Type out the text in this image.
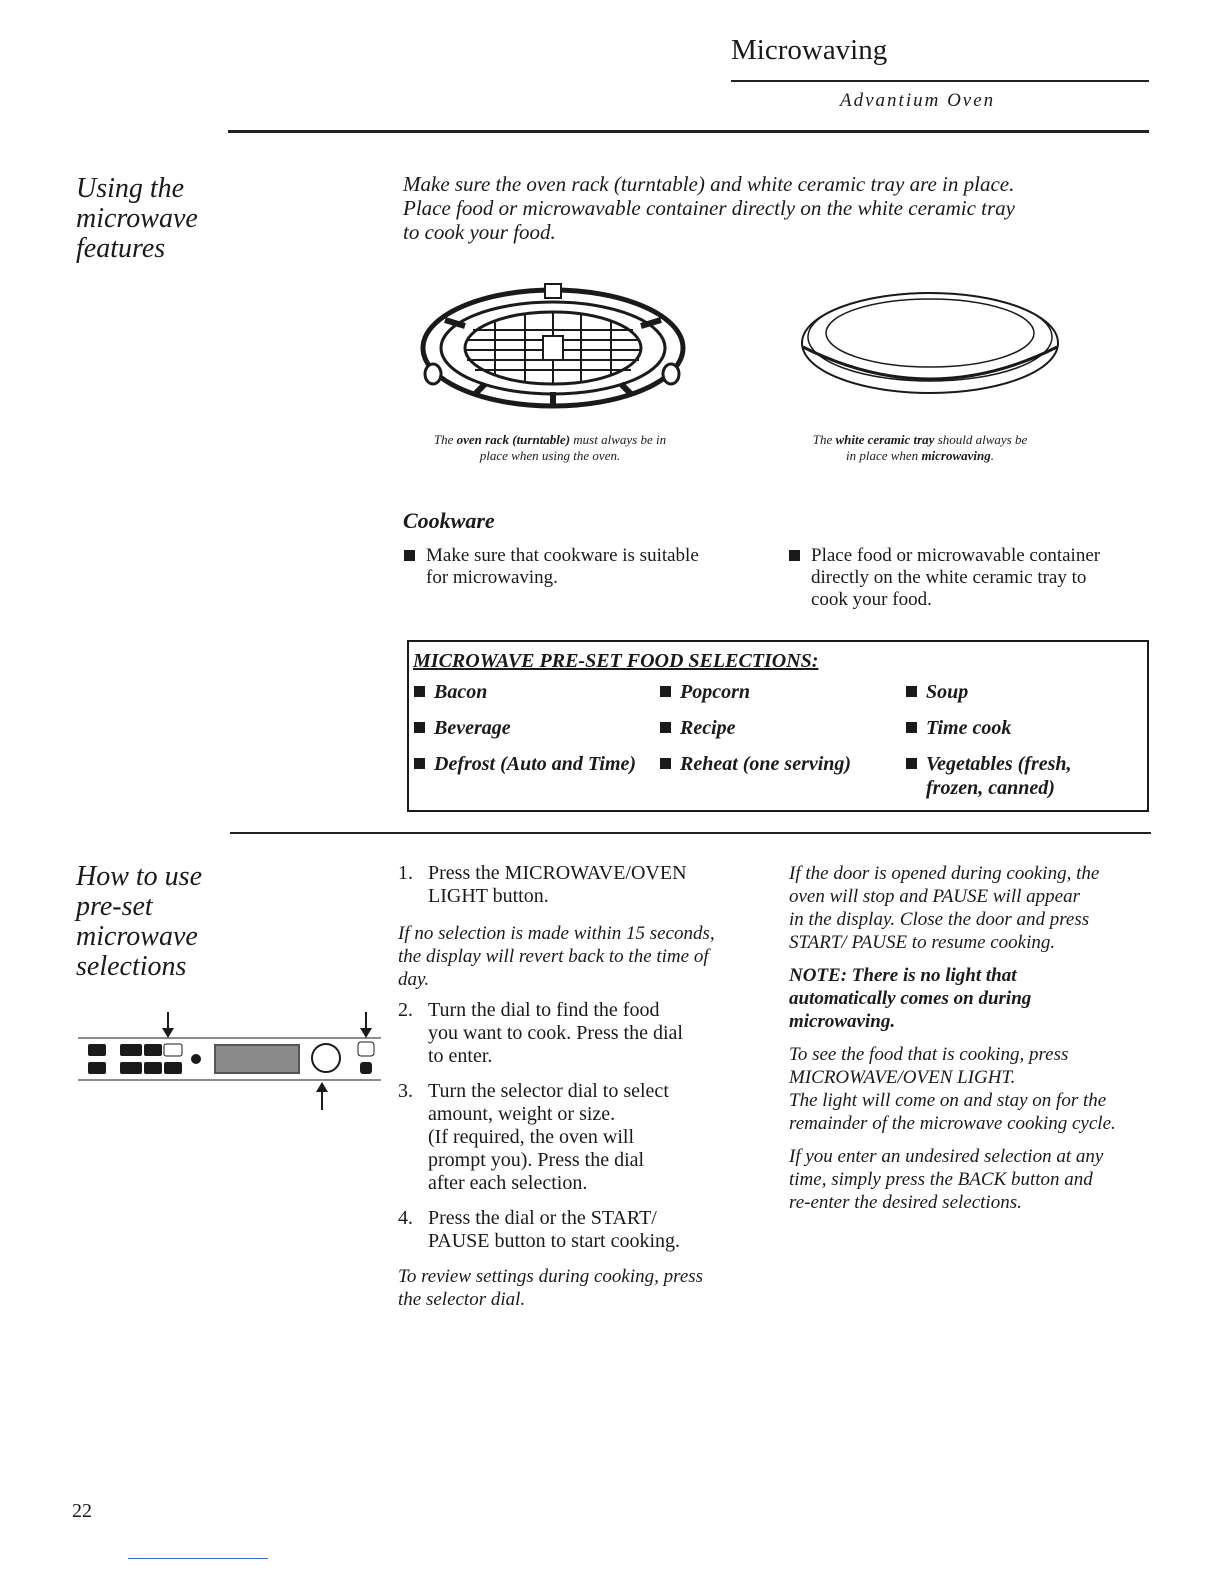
Microwaving
Advantium Oven
Using the
microwave
features
Make sure the oven rack (turntable) and white ceramic tray are in place.
Place food or microwavable container directly on the white ceramic tray
to cook your food.
The oven rack (turntable) must always be in
place when using the oven.
The white ceramic tray should always be
in place when microwaving.
Cookware
Make sure that cookware is suitable
for microwaving.
Place food or microwavable container
directly on the white ceramic tray to
cook your food.
MICROWAVE PRE-SET FOOD SELECTIONS:
Bacon
Beverage
Defrost (Auto and Time)
Popcorn
Recipe
Reheat (one serving)
Soup
Time cook
Vegetables (fresh,
frozen, canned)
How to use
pre-set
microwave
selections
1. Press the MICROWAVE/OVEN
LIGHT button.
If no selection is made within 15 seconds,
the display will revert back to the time of
day.
2. Turn the dial to find the food
you want to cook. Press the dial
to enter.
3. Turn the selector dial to select
amount, weight or size.
(If required, the oven will
prompt you). Press the dial
after each selection.
4. Press the dial or the START/
PAUSE button to start cooking.
To review settings during cooking, press
the selector dial.
If the door is opened during cooking, the
oven will stop and PAUSE will appear
in the display. Close the door and press
START/ PAUSE to resume cooking.
NOTE: There is no light that
automatically comes on during
microwaving.
To see the food that is cooking, press
MICROWAVE/OVEN LIGHT.
The light will come on and stay on for the
remainder of the microwave cooking cycle.
If you enter an undesired selection at any
time, simply press the BACK button and
re-enter the desired selections.
22
